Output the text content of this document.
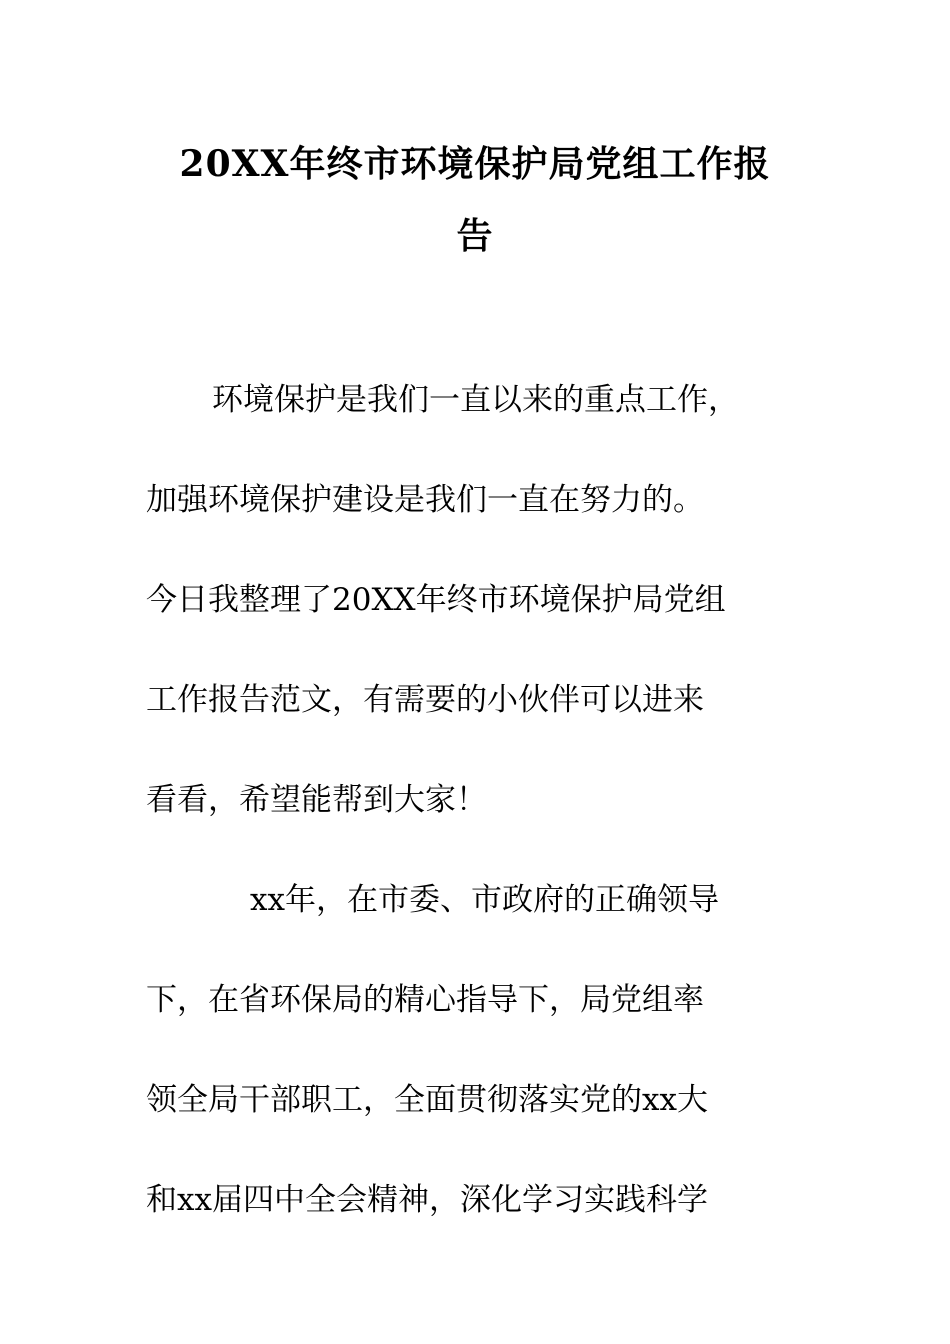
20XX年终市环境保护局党组工作报
告
环境保护是我们一直以来的重点工作，
加强环境保护建设是我们一直在努力的。
今日我整理了20XX年终市环境保护局党组
工作报告范文，有需要的小伙伴可以进来
看看，希望能帮到大家！
xx年，在市委、市政府的正确领导
下，在省环保局的精心指导下，局党组率
领全局干部职工，全面贯彻落实党的xx大
和xx届四中全会精神，深化学习实践科学
